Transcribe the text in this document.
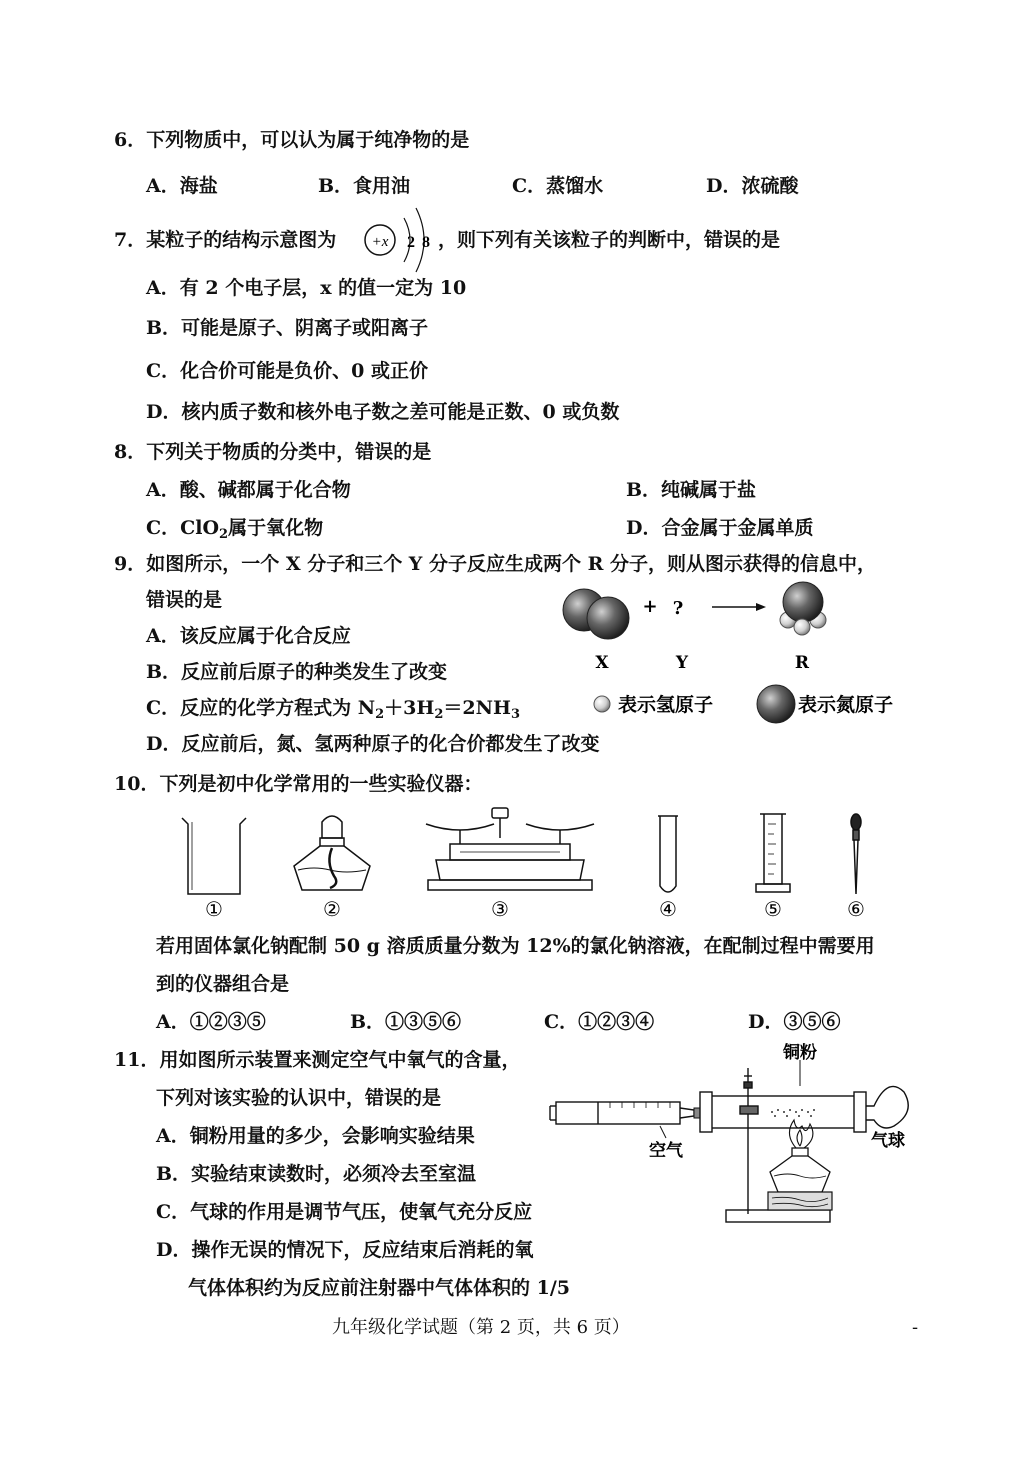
6．下列物质中，可以认为属于纯净物的是
A．海盐	B．食用油	C．蒸馏水	D．浓硫酸
7．某粒子的结构示意图为 +x 2 8 ，则下列有关该粒子的判断中，错误的是
A．有 2 个电子层，x 的值一定为 10
B．可能是原子、阴离子或阳离子
C．化合价可能是负价、0 或正价
D．核内质子数和核外电子数之差可能是正数、0 或负数
8．下列关于物质的分类中，错误的是
A．酸、碱都属于化合物	B．纯碱属于盐
C．ClO$_2$属于氧化物	D．合金属于金属单质
9．如图所示，一个 X 分子和三个 Y 分子反应生成两个 R 分子，则从图示获得的信息中，
错误的是
A．该反应属于化合反应
B．反应前后原子的种类发生了改变
C．反应的化学方程式为 $N_2+3H_2=2NH_3$
D．反应前后，氮、氢两种原子的化合价都发生了改变
+ ?
X	Y	R
表示氢原子	表示氮原子
10．下列是初中化学常用的一些实验仪器：
①	②	③	④	⑤	⑥
若用固体氯化钠配制 50 g 溶质质量分数为 12%的氯化钠溶液，在配制过程中需要用
到的仪器组合是
A．①②③⑤	B．①③⑤⑥	C．①②③④	D．③⑤⑥
11．用如图所示装置来测定空气中氧气的含量，
下列对该实验的认识中，错误的是
A．铜粉用量的多少，会影响实验结果
B．实验结束读数时，必须冷去至室温
C．气球的作用是调节气压，使氧气充分反应
D．操作无误的情况下，反应结束后消耗的氧
气体体积约为反应前注射器中气体体积的 1/5
铜粉
空气	气球
九年级化学试题（第 2 页，共 6 页）	-
